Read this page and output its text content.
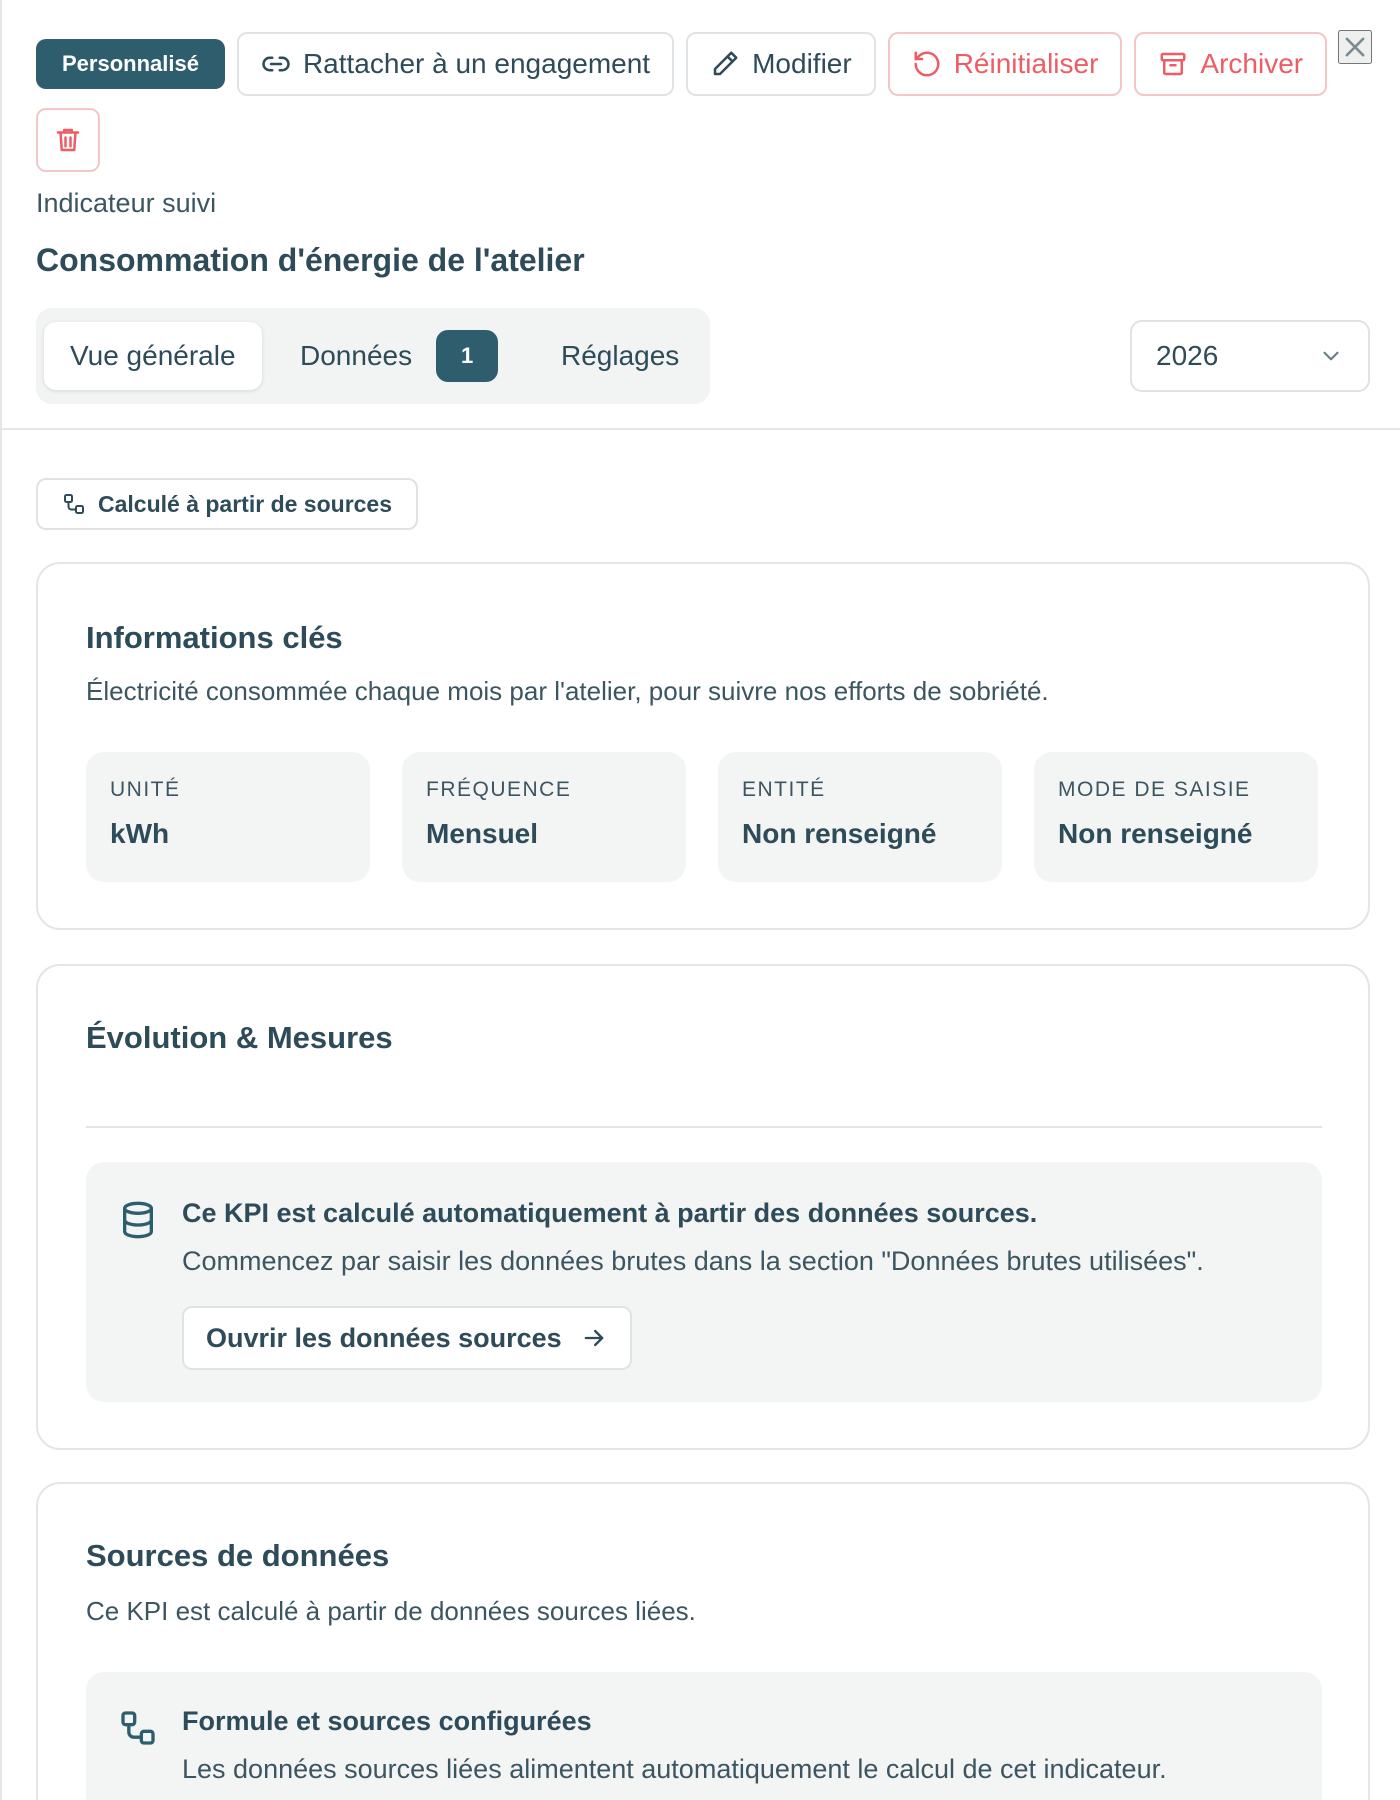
Personnalisé	Rattacher à un engagement	Modifier	Réinitialiser	Archiver
Indicateur suivi
Consommation d'énergie de l'atelier
Vue générale	Données	1	Réglages	2026
Calculé à partir de sources
Informations clés
Électricité consommée chaque mois par l'atelier, pour suivre nos efforts de sobriété.
UNITÉ
kWh
FRÉQUENCE
Mensuel
ENTITÉ
Non renseigné
MODE DE SAISIE
Non renseigné
Évolution & Mesures
Ce KPI est calculé automatiquement à partir des données sources.
Commencez par saisir les données brutes dans la section "Données brutes utilisées".
Ouvrir les données sources
Sources de données
Ce KPI est calculé à partir de données sources liées.
Formule et sources configurées
Les données sources liées alimentent automatiquement le calcul de cet indicateur.
